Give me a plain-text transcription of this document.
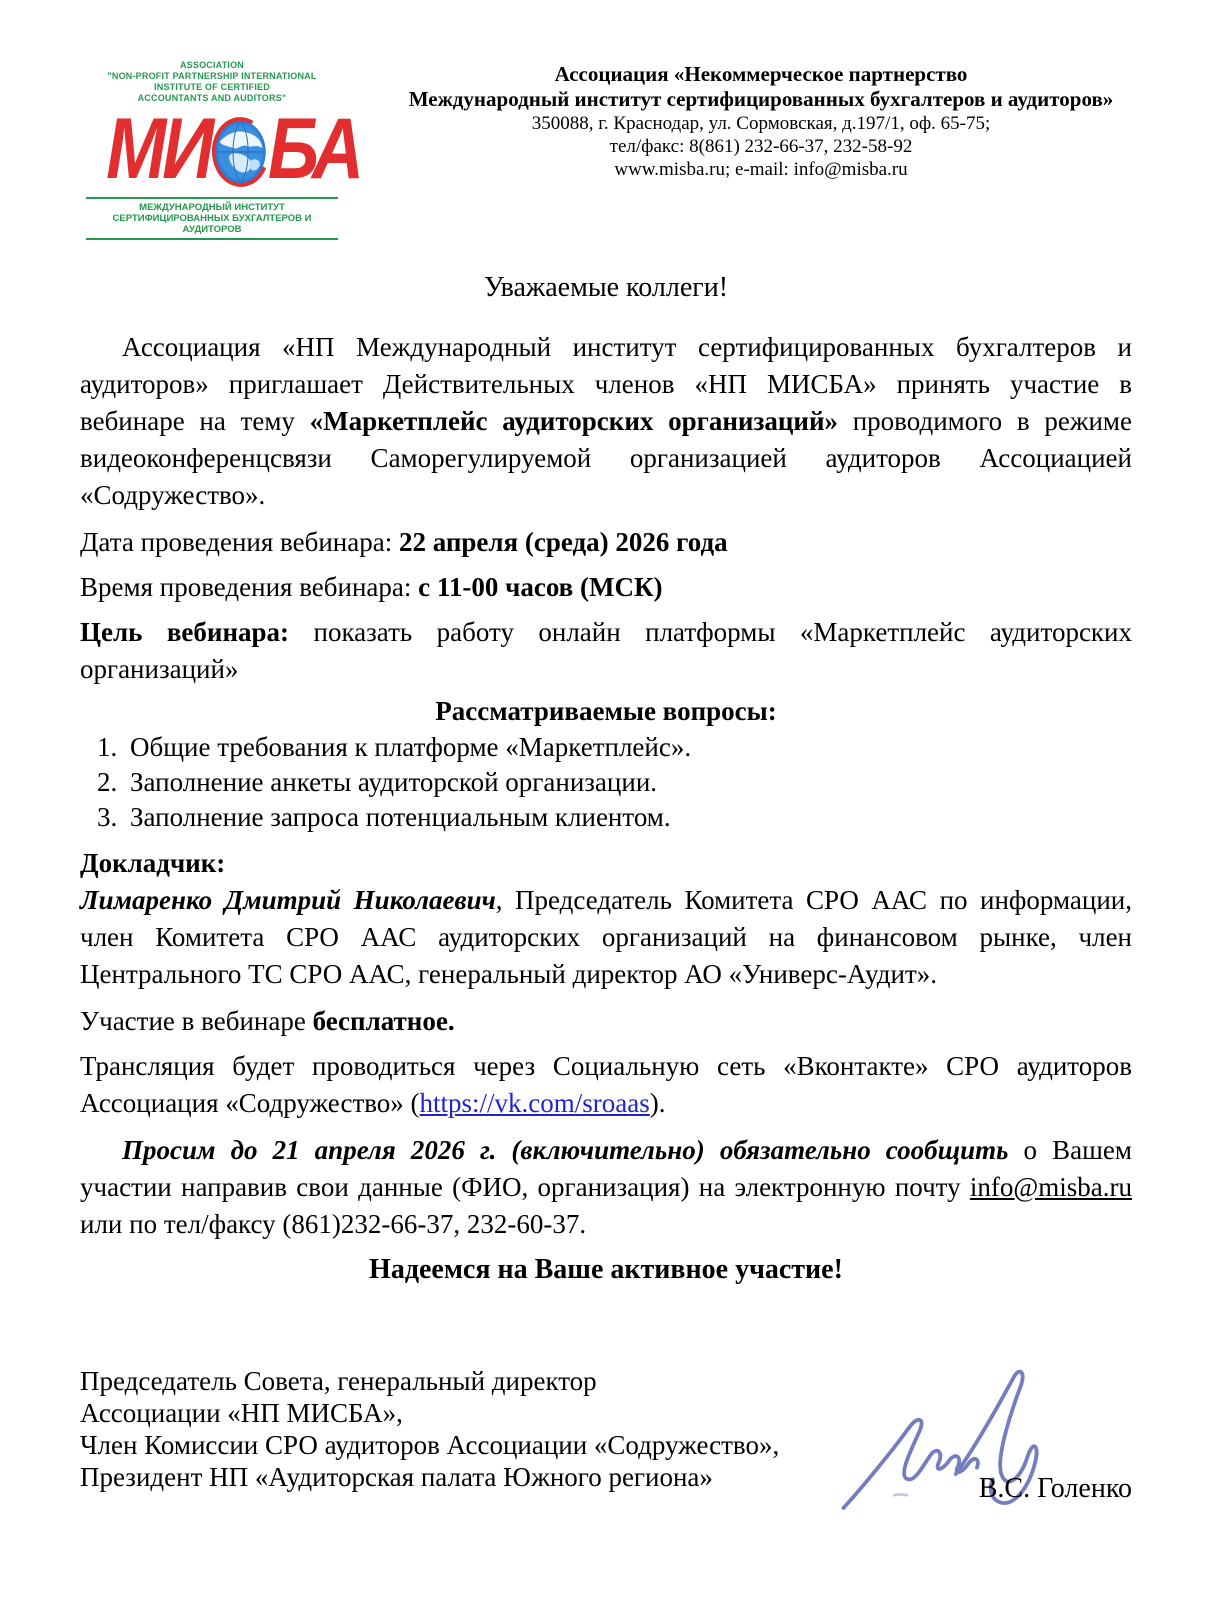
ASSOCIATION
"NON-PROFIT PARTNERSHIP INTERNATIONAL INSTITUTE OF CERTIFIED
ACCOUNTANTS AND AUDITORS"
МИ БА
МЕЖДУНАРОДНЫЙ ИНСТИТУТ СЕРТИФИЦИРОВАННЫХ БУХГАЛТЕРОВ И АУДИТОРОВ
Ассоциация «Некоммерческое партнерство
Международный институт сертифицированных бухгалтеров и аудиторов»
350088, г. Краснодар, ул. Сормовская, д.197/1, оф. 65-75;
тел/факс: 8(861) 232-66-37, 232-58-92
www.misba.ru; e-mail: info@misba.ru
Уважаемые коллеги!

Ассоциация «НП Международный институт сертифицированных бухгалтеров и аудиторов» приглашает Действительных членов «НП МИСБА» принять участие в вебинаре на тему «Маркетплейс аудиторских организаций» проводимого в режиме видеоконференцсвязи Саморегулируемой организацией аудиторов Ассоциацией «Содружество».

Дата проведения вебинара: 22 апреля (среда) 2026 года

Время проведения вебинара: с 11-00 часов (МСК)

Цель вебинара: показать работу онлайн платформы «Маркетплейс аудиторских организаций»

Рассматриваемые вопросы:
1. Общие требования к платформе «Маркетплейс».
2. Заполнение анкеты аудиторской организации.
3. Заполнение запроса потенциальным клиентом.
Докладчик:

Лимаренко Дмитрий Николаевич, Председатель Комитета СРО ААС по информации, член Комитета СРО ААС аудиторских организаций на финансовом рынке, член Центрального ТС СРО ААС, генеральный директор АО «Универс-Аудит».

Участие в вебинаре бесплатное.

Трансляция будет проводиться через Социальную сеть «Вконтакте» СРО аудиторов Ассоциация «Содружество» (https://vk.com/sroaas).

Просим до 21 апреля 2026 г. (включительно) обязательно сообщить о Вашем участии направив свои данные (ФИО, организация) на электронную почту info@misba.ru или по тел/факсу (861)232-66-37, 232-60-37.

Надеемся на Ваше активное участие!
Председатель Совета, генеральный директор
Ассоциации «НП МИСБА»,
Член Комиссии СРО аудиторов Ассоциации «Содружество»,
Президент НП «Аудиторская палата Южного региона»	В.С. Голенко
